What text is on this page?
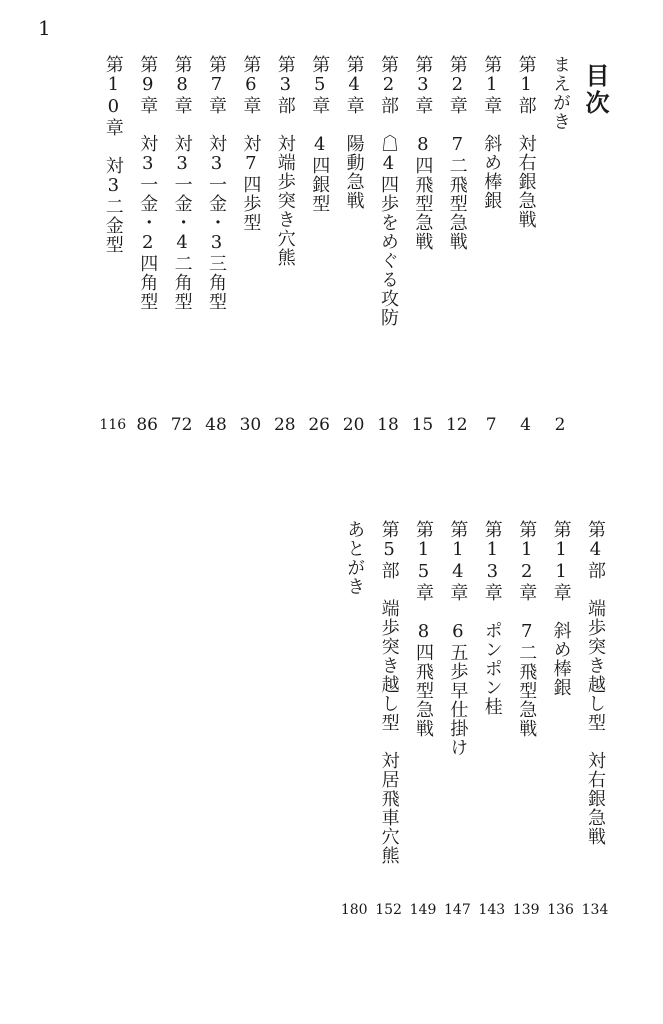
1
目次
まえがき
2
第1部　対右銀急戦
4
第1章　斜め棒銀
7
第2章　7二飛型急戦
12
第3章　8四飛型急戦
15
第2部　☖4四歩をめぐる攻防
18
第4章　陽動急戦
20
第5章　4四銀型
26
第3部　対端歩突き穴熊
28
第6章　対7四歩型
30
第7章　対3一金・3三角型
48
第8章　対3一金・4二角型
72
第9章　対3一金・2四角型
86
第10章　対3二金型
116
第4部　端歩突き越し型　対右銀急戦
134
第11章　斜め棒銀
136
第12章　7二飛型急戦
139
第13章　ポンポン桂
143
第14章　6五歩早仕掛け
147
第15章　8四飛型急戦
149
第5部　端歩突き越し型　対居飛車穴熊
152
あとがき
180
